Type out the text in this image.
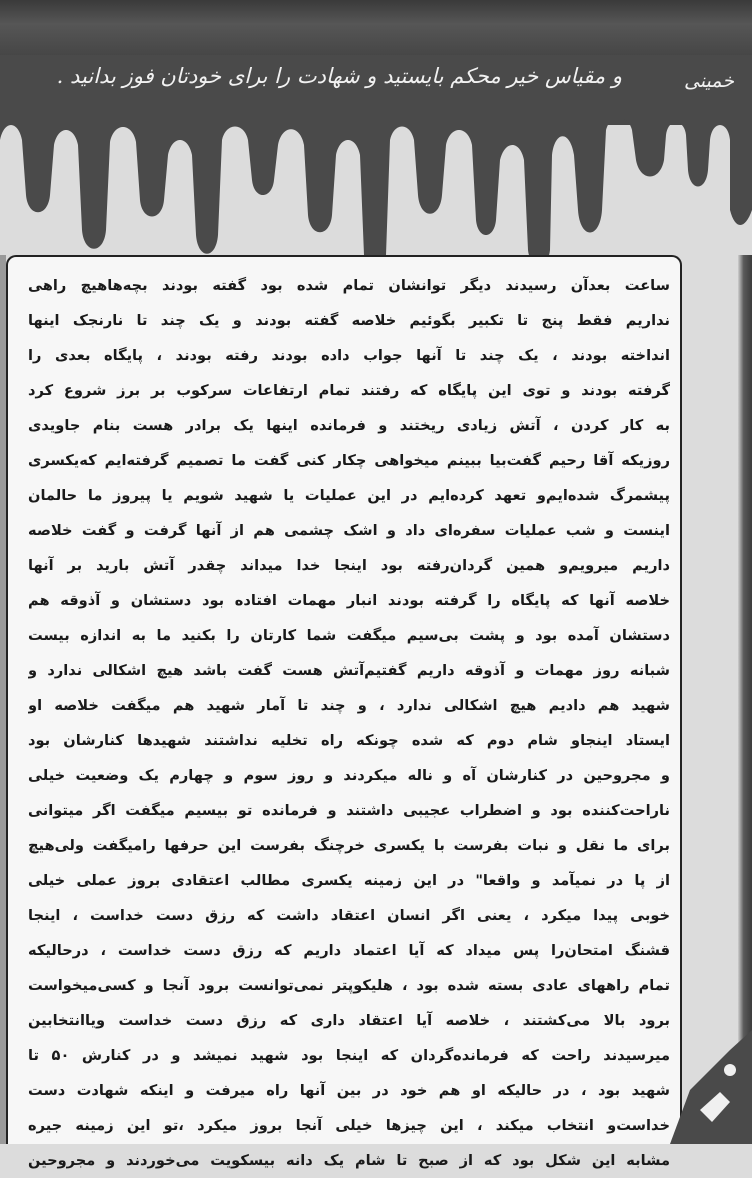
و مقیاس خیر محکم بایستید و شهادت را برای خودتان فوز بدانید .	خمینی
ساعت بعدآن رسیدند دیگر توانشان تمام شده بود گفته بودند بچه‌هاهیچ راهی
نداریم فقط پنج تا تکبیر بگوئیم خلاصه گفته بودند و یک چند تا نارنجک اینها
انداخته بودند ، یک چند تا آنها جواب داده بودند رفته بودند ، پایگاه بعدی را
گرفته بودند و توی این پایگاه که رفتند تمام ارتفاعات سرکوب بر برز شروع کرد
به کار کردن ، آتش زیادی ریختند و فرمانده اینها یک برادر هست بنام جاویدی
روزیکه آقا رحیم گفت‌بیا ببینم میخواهی چکار کنی گفت ما تصمیم گرفته‌ایم که‌یکسری
پیشمرگ شده‌ایم‌و تعهد کرده‌ایم در این عملیات یا شهید شویم یا پیروز ما حالمان
اینست و شب عملیات سفره‌ای داد و اشک چشمی هم از آنها گرفت و گفت خلاصه
داریم میرویم‌و همین گردان‌رفته بود اینجا خدا میداند چقدر آتش بارید بر آنها
خلاصه آنها که پایگاه را گرفته بودند انبار مهمات افتاده بود دستشان و آذوقه هم
دستشان آمده بود و پشت بی‌سیم میگفت شما کارتان را بکنید ما به اندازه بیست
شبانه روز مهمات و آذوقه داریم گفتیم‌آتش هست گفت باشد هیچ اشکالی ندارد و
شهید هم دادیم هیچ اشکالی ندارد ، و چند تا آمار شهید هم میگفت خلاصه او
ایستاد اینجاو شام دوم که شده چونکه راه تخلیه نداشتند شهیدها کنارشان بود
و مجروحین در کنارشان آه و ناله میکردند و روز سوم و چهارم یک وضعیت خیلی
ناراحت‌کننده بود و اضطراب عجیبی داشتند و فرمانده تو بیسیم میگفت اگر میتوانی
برای ما نقل و نبات بفرست با یکسری خرچنگ بفرست این حرفها رامیگفت ولی‌هیچ
از پا در نمیآمد و واقعا" در این زمینه یکسری مطالب اعتقادی بروز عملی خیلی
خوبی پیدا میکرد ، یعنی اگر انسان اعتقاد داشت که رزق دست خداست ، اینجا
قشنگ امتحان‌را پس میداد که آیا اعتماد داریم که رزق دست خداست ، درحالیکه
تمام راههای عادی بسته شده بود ، هلیکوپتر نمی‌توانست برود آنجا و کسی‌میخواست
برود بالا می‌کشتند ، خلاصه آیا اعتقاد داری که رزق دست خداست ویاانتخابین
میرسیدند راحت که فرمانده‌گردان که اینجا بود شهید نمیشد و در کنارش ۵۰ تا
شهید بود ، در حالیکه او هم خود در بین آنها راه میرفت و اینکه شهادت دست
خداست‌و انتخاب میکند ، این چیزها خیلی آنجا بروز میکرد ،تو این زمینه جیره
مشابه این شکل بود که از صبح تا شام یک دانه بیسکویت می‌خوردند و مجروحین
